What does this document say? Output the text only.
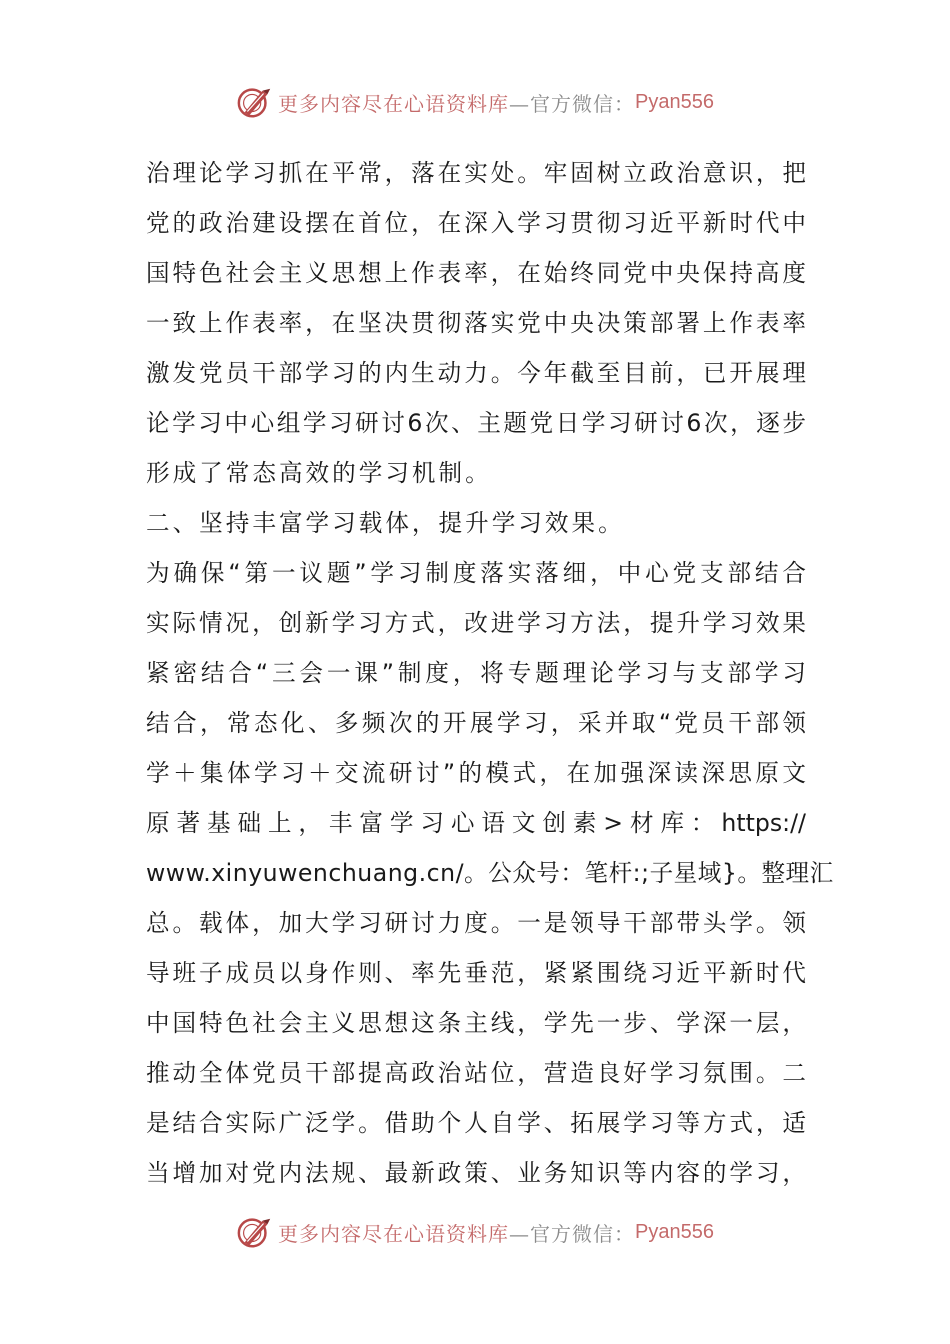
更多内容尽在心语资料库 —官方微信： Pyan556
治理论学习抓在平常，落在实处。牢固树立政治意识，把
党的政治建设摆在首位，在深入学习贯彻习近平新时代中
国特色社会主义思想上作表率，在始终同党中央保持高度
一致上作表率，在坚决贯彻落实党中央决策部署上作表率
激发党员干部学习的内生动力。今年截至目前，已开展理
论学习中心组学习研讨6次、主题党日学习研讨6次，逐步
形成了常态高效的学习机制。
二、坚持丰富学习载体，提升学习效果。
为确保“第一议题”学习制度落实落细，中心党支部结合
实际情况，创新学习方式，改进学习方法，提升学习效果
紧密结合“三会一课”制度，将专题理论学习与支部学习
结合，常态化、多频次的开展学习，采并取“党员干部领
学＋集体学习＋交流研讨”的模式，在加强深读深思原文
原著基础上，丰富学习心语文创素>材库：https://
www.xinyuwenchuang.cn/。公众号：笔杆:;子星域}。整理汇
总。载体，加大学习研讨力度。一是领导干部带头学。领
导班子成员以身作则、率先垂范，紧紧围绕习近平新时代
中国特色社会主义思想这条主线，学先一步、学深一层，
推动全体党员干部提高政治站位，营造良好学习氛围。二
是结合实际广泛学。借助个人自学、拓展学习等方式，适
当增加对党内法规、最新政策、业务知识等内容的学习，
更多内容尽在心语资料库 —官方微信： Pyan556
